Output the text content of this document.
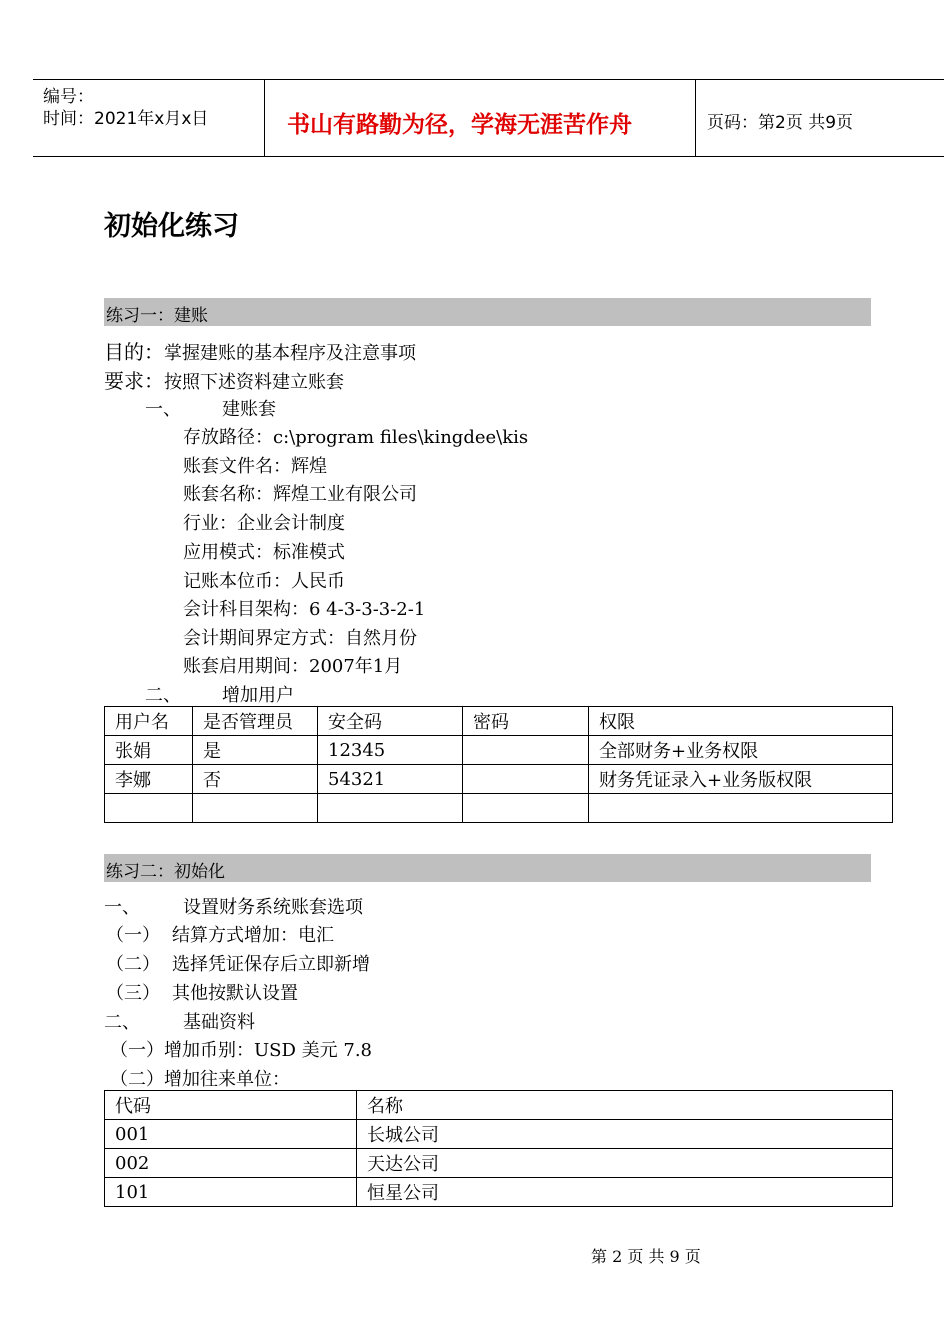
编号：
时间：2021年x月x日	书山有路勤为径，学海无涯苦作舟	页码：第2页 共9页
初始化练习
练习一：建账
目的：掌握建账的基本程序及注意事项
要求：按照下述资料建立账套
一、 建账套
存放路径：c:\program files\kingdee\kis
账套文件名：辉煌
账套名称：辉煌工业有限公司
行业：企业会计制度
应用模式：标准模式
记账本位币：人民币
会计科目架构：6 4-3-3-3-2-1
会计期间界定方式：自然月份
账套启用期间：2007年1月
二、 增加用户
用户名	是否管理员	安全码	密码	权限
张娟	是	12345		全部财务+业务权限
李娜	否	54321		财务凭证录入+业务版权限

练习二：初始化
一、 设置财务系统账套选项
（一） 结算方式增加：电汇
（二） 选择凭证保存后立即新增
（三） 其他按默认设置
二、 基础资料
（一）增加币别：USD 美元 7.8
（二）增加往来单位：
代码	名称
001	长城公司
002	天达公司
101	恒星公司
第 2 页 共 9 页
